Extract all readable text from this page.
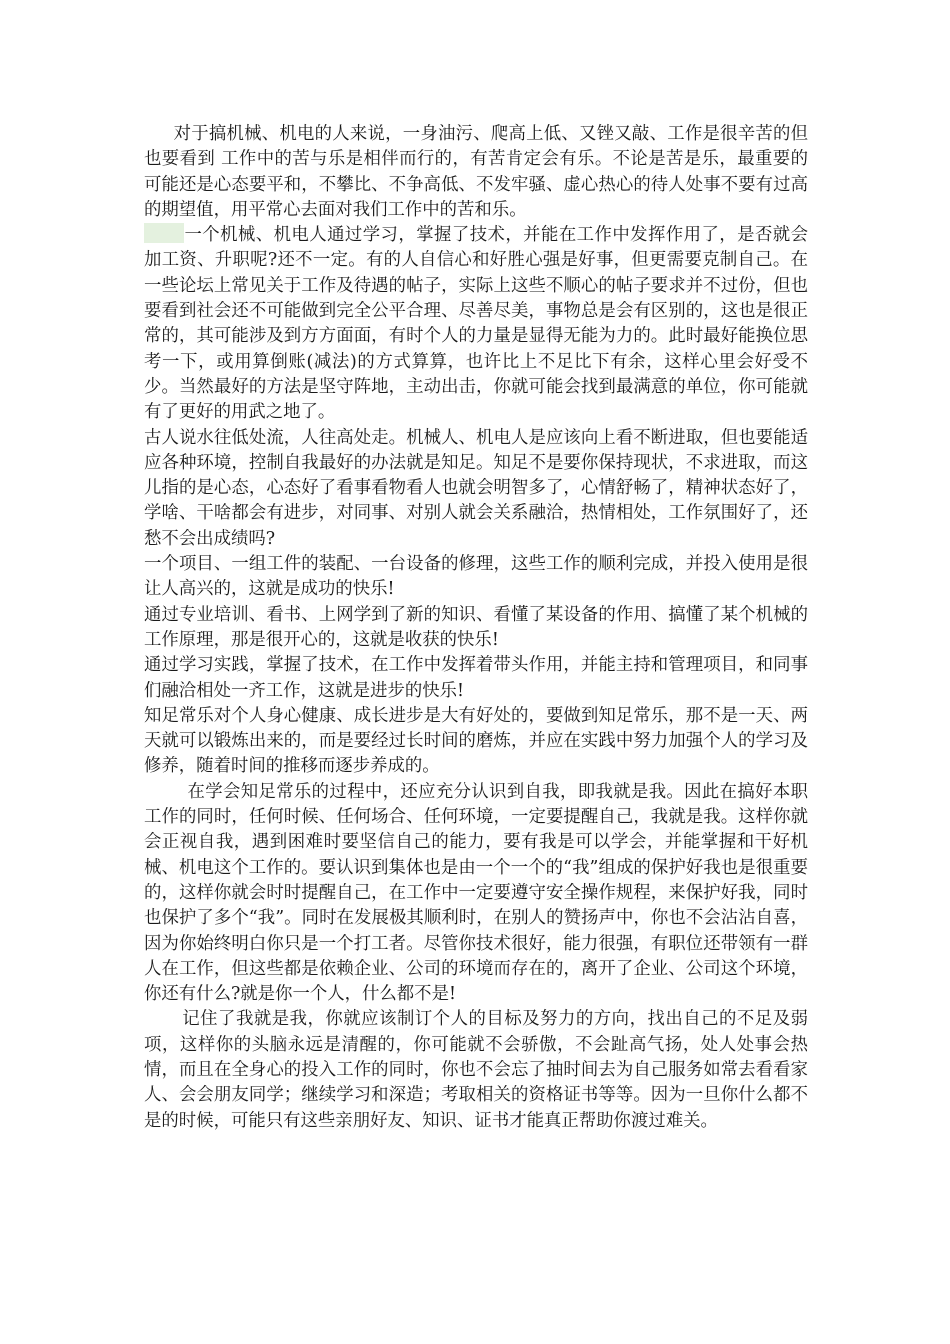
对于搞机械、机电的人来说，一身油污、爬高上低、又锉又敲、工作是很辛苦的但也要看到 工作中的苦与乐是相伴而行的，有苦肯定会有乐。不论是苦是乐，最重要的可能还是心态要平和，不攀比、不争高低、不发牢骚、虚心热心的待人处事不要有过高的期望值，用平常心去面对我们工作中的苦和乐。

一个机械、机电人通过学习，掌握了技术，并能在工作中发挥作用了，是否就会加工资、升职呢?还不一定。有的人自信心和好胜心强是好事，但更需要克制自己。在一些论坛上常见关于工作及待遇的帖子，实际上这些不顺心的帖子要求并不过份，但也要看到社会还不可能做到完全公平合理、尽善尽美，事物总是会有区别的，这也是很正常的，其可能涉及到方方面面，有时个人的力量是显得无能为力的。此时最好能换位思考一下，或用算倒账(减法)的方式算算，也许比上不足比下有余，这样心里会好受不少。当然最好的方法是坚守阵地，主动出击，你就可能会找到最满意的单位，你可能就有了更好的用武之地了。

古人说水往低处流，人往高处走。机械人、机电人是应该向上看不断进取，但也要能适应各种环境，控制自我最好的办法就是知足。知足不是要你保持现状，不求进取，而这儿指的是心态，心态好了看事看物看人也就会明智多了，心情舒畅了，精神状态好了，学啥、干啥都会有进步，对同事、对别人就会关系融洽，热情相处，工作氛围好了，还愁不会出成绩吗?

一个项目、一组工件的装配、一台设备的修理，这些工作的顺利完成，并投入使用是很让人高兴的，这就是成功的快乐!

通过专业培训、看书、上网学到了新的知识、看懂了某设备的作用、搞懂了某个机械的工作原理，那是很开心的，这就是收获的快乐!

通过学习实践，掌握了技术，在工作中发挥着带头作用，并能主持和管理项目，和同事们融洽相处一齐工作，这就是进步的快乐!

知足常乐对个人身心健康、成长进步是大有好处的，要做到知足常乐，那不是一天、两天就可以锻炼出来的，而是要经过长时间的磨炼，并应在实践中努力加强个人的学习及修养，随着时间的推移而逐步养成的。

在学会知足常乐的过程中，还应充分认识到自我，即我就是我。因此在搞好本职工作的同时，任何时候、任何场合、任何环境，一定要提醒自己，我就是我。这样你就会正视自我，遇到困难时要坚信自己的能力，要有我是可以学会，并能掌握和干好机械、机电这个工作的。要认识到集体也是由一个一个的“我”组成的保护好我也是很重要的，这样你就会时时提醒自己，在工作中一定要遵守安全操作规程，来保护好我，同时也保护了多个“我”。同时在发展极其顺利时，在别人的赞扬声中，你也不会沾沾自喜，因为你始终明白你只是一个打工者。尽管你技术很好，能力很强，有职位还带领有一群人在工作，但这些都是依赖企业、公司的环境而存在的，离开了企业、公司这个环境，你还有什么?就是你一个人，什么都不是!

记住了我就是我，你就应该制订个人的目标及努力的方向，找出自己的不足及弱项，这样你的头脑永远是清醒的，你可能就不会骄傲，不会趾高气扬，处人处事会热情，而且在全身心的投入工作的同时，你也不会忘了抽时间去为自己服务如常去看看家人、会会朋友同学；继续学习和深造；考取相关的资格证书等等。因为一旦你什么都不是的时候，可能只有这些亲朋好友、知识、证书才能真正帮助你渡过难关。
